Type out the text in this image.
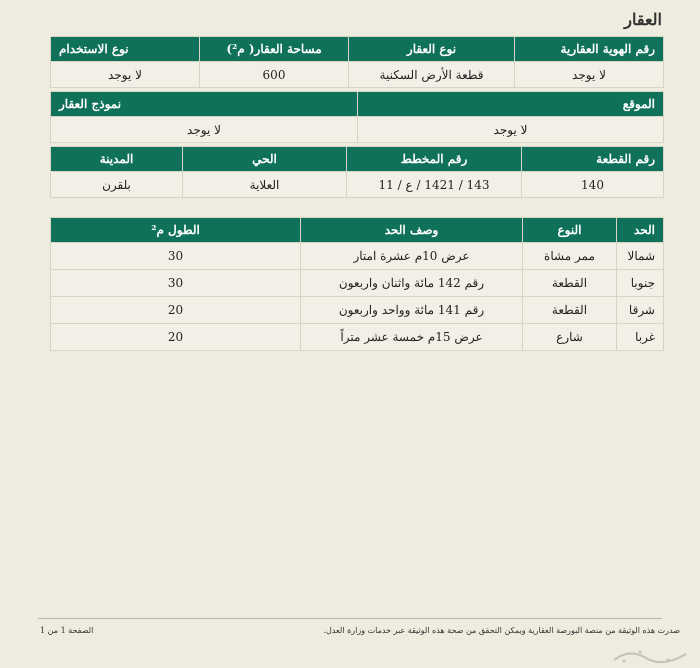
العقار
رقم الهوية العقارية	نوع العقار	مساحة العقار( م²)	نوع الاستخدام
لا يوجد	قطعة الأرض السكنية	600	لا يوجد
الموقع	نموذج العقار
لا يوجد	لا يوجد
رقم القطعة	رقم المخطط	الحي	المدينة
140	143 / 1421 / ع / 11	العلاية	بلقرن
الحد	النوع	وصف الحد	الطول م²
شمالا	ممر مشاة	عرض 10م عشرة امتار	30
جنوبا	القطعة	رقم 142 مائة واثنان واربعون	30
شرقا	القطعة	رقم 141 مائة وواحد واربعون	20
غربا	شارع	عرض 15م خمسة عشر متراً	20
صدرت هذه الوثيقة من منصة البورصة العقارية ويمكن التحقق من صحة هذه الوثيقة عبر خدمات وزارة العدل.
الصفحة 1 من 1
